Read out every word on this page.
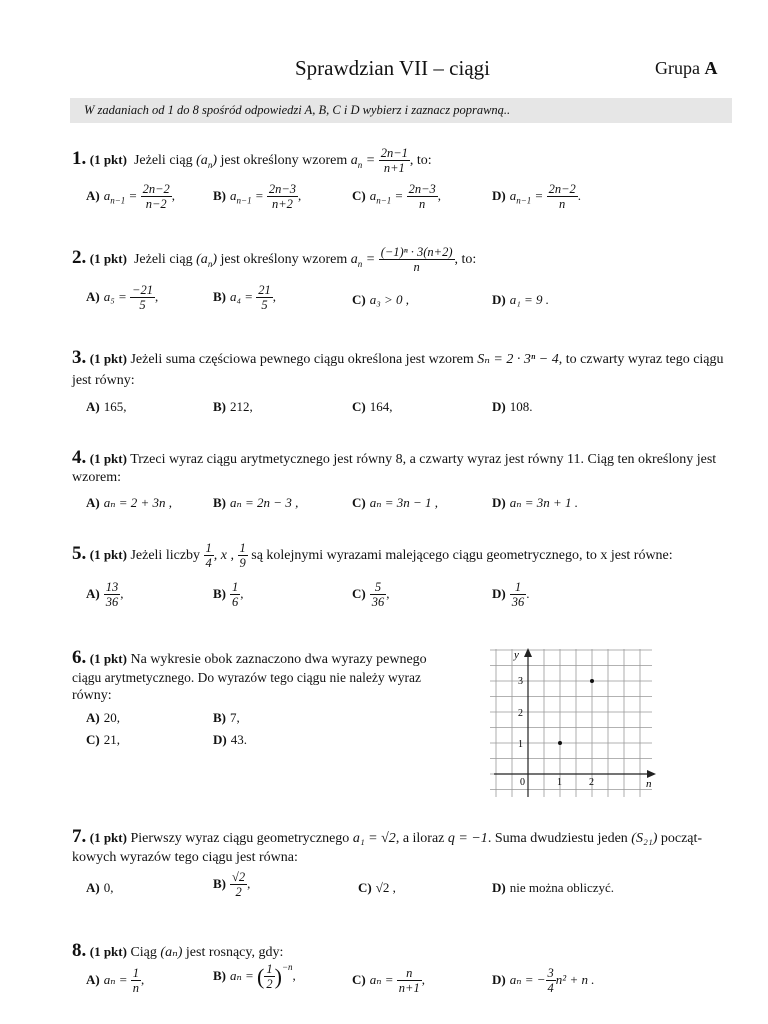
Sprawdzian VII – ciągi	Grupa A
W zadaniach od 1 do 8 spośród odpowiedzi A, B, C i D wybierz i zaznacz poprawną..
1. (1 pkt) Jeżeli ciąg $(a_n)$ jest określony wzorem $a_n = \frac{2n-1}{n+1}$ , to:
A) $a_{n-1} = \frac{2n-2}{n-2}$ ,	B) $a_{n-1} = \frac{2n-3}{n+2}$ ,	C) $a_{n-1} = \frac{2n-3}{n}$ ,	D) $a_{n-1} = \frac{2n-2}{n}$ .
2. (1 pkt) Jeżeli ciąg $(a_n)$ jest określony wzorem $a_n = \frac{\text{(−1)ⁿ · 3(n+2)}}{n}$ , to:
A) $a_5 = \frac{-21}{5}$ ,	B) $a_4 = \frac{21}{5}$ ,	C) a₃ > 0 ,	D) a₁ = 9 .
3. (1 pkt) Jeżeli suma częściowa pewnego ciągu określona jest wzorem Sₙ = 2 · 3ⁿ − 4, to czwarty wyraz tego ciągu
jest równy:
A) 165,	B) 212,	C) 164,	D) 108.
4. (1 pkt) Trzeci wyraz ciągu arytmetycznego jest równy 8, a czwarty wyraz jest równy 11. Ciąg ten określony jest
wzorem:
A) aₙ = 2 + 3n ,	B) aₙ = 2n − 3 ,	C) aₙ = 3n − 1 ,	D) aₙ = 3n + 1 .
5. (1 pkt) Jeżeli liczby $\frac{1}{4}$ , x , $\frac{1}{9}$ są kolejnymi wyrazami malejącego ciągu geometrycznego, to x jest równe:
$A) \frac{13}{36}$ ,	$B) \frac{1}{6}$ ,	$C) \frac{5}{36}$ ,	$D) \frac{1}{36}$ .
6. (1 pkt) Na wykresie obok zaznaczono dwa wyrazy pewnego
ciągu arytmetycznego. Do wyrazów tego ciągu nie należy wyraz
równy:
A) 20,	B) 7,
C) 21,	D) 43.
y
n
0	1	2
1
2
3
7. (1 pkt) Pierwszy wyraz ciągu geometrycznego a₁ = √2, a iloraz q = −1. Suma dwudziestu jeden (S₂₁) począt-
kowych wyrazów tego ciągu jest równa:
A) 0,	$B) \frac{√2}{2}$ ,	C) √2 ,	D) nie można obliczyć.
8. (1 pkt) Ciąg (aₙ) jest rosnący, gdy:
A) $a_n = \frac{1}{n}$ ,	B) aₙ = ( $\frac{1}{2} )^{-n}$,	C) $a_n = \frac{n}{n+1}$ ,	D) aₙ = − $\frac{3}{4} n^2 + n$ .
